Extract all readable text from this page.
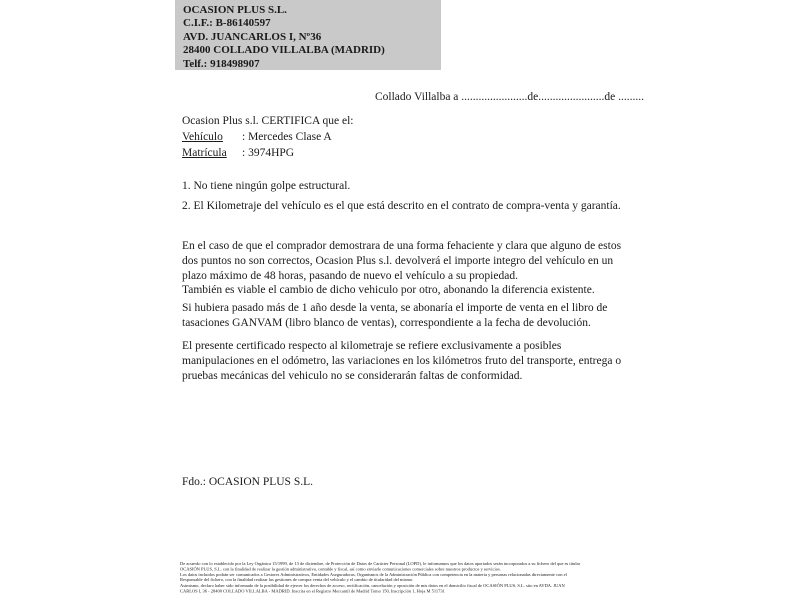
OCASION PLUS S.L.
C.I.F.: B-86140597
AVD. JUANCARLOS I, Nº36
28400 COLLADO VILLALBA (MADRID)
Telf.: 918498907
Collado Villalba a .......................de.......................de .........
Ocasion Plus s.l. CERTIFICA que el:
Vehículo : Mercedes Clase A
Matrícula : 3974HPG
1. No tiene ningún golpe estructural.
2. El Kilometraje del vehículo es el que está descrito en el contrato de compra-venta y garantía.
En el caso de que el comprador demostrara de una forma fehaciente y clara que alguno de estos dos puntos no son correctos, Ocasion Plus s.l. devolverá el importe integro del vehículo en un plazo máximo de 48 horas, pasando de nuevo el vehículo a su propiedad.
También es viable el cambio de dicho vehiculo por otro, abonando la diferencia existente.
Si hubiera pasado más de 1 año desde la venta, se abonaría el importe de venta en el libro de tasaciones GANVAM (libro blanco de ventas), correspondiente a la fecha de devolución.
El presente certificado respecto al kilometraje se refiere exclusivamente a posibles manipulaciones en el odómetro, las variaciones en los kilómetros fruto del transporte, entrega o pruebas mecánicas del vehiculo no se considerarán faltas de conformidad.
Fdo.: OCASION PLUS S.L.
De acuerdo con lo establecido por la Ley Orgánica 15/1999, de 13 de diciembre, de Protección de Datos de Carácter Personal (LOPD), le informamos que los datos aportados serán incorporados a su fichero del que es titular
OCASIÓN PLUS, S.L. con la finalidad de realizar la gestión administrativa, contable y fiscal, así como enviarle comunicaciones comerciales sobre nuestros productos y servicios.
Los datos incluidos podrán ser comunicados a Gestores Administrativos, Entidades Aseguradoras, Organismos de la Administración Pública con competencia en la materia y personas relacionadas directamente con el
Responsable del fichero, con la finalidad realizar las gestiones de compra venta del vehículo y el cambio de titularidad del mismo.
Asimismo, declaro haber sido informado de la posibilidad de ejercer los derechos de acceso, rectificación, cancelación y oposición de mis datos en el domicilio fiscal de OCASIÓN PLUS, S.L. sito en AVDA. JUAN
CARLOS I, 36 - 28400 COLLADO VILLALBA - MADRID. Inscrita en el Registro Mercantil de Madrid Tomo 150, Inscripción 1, Hoja M 511731
